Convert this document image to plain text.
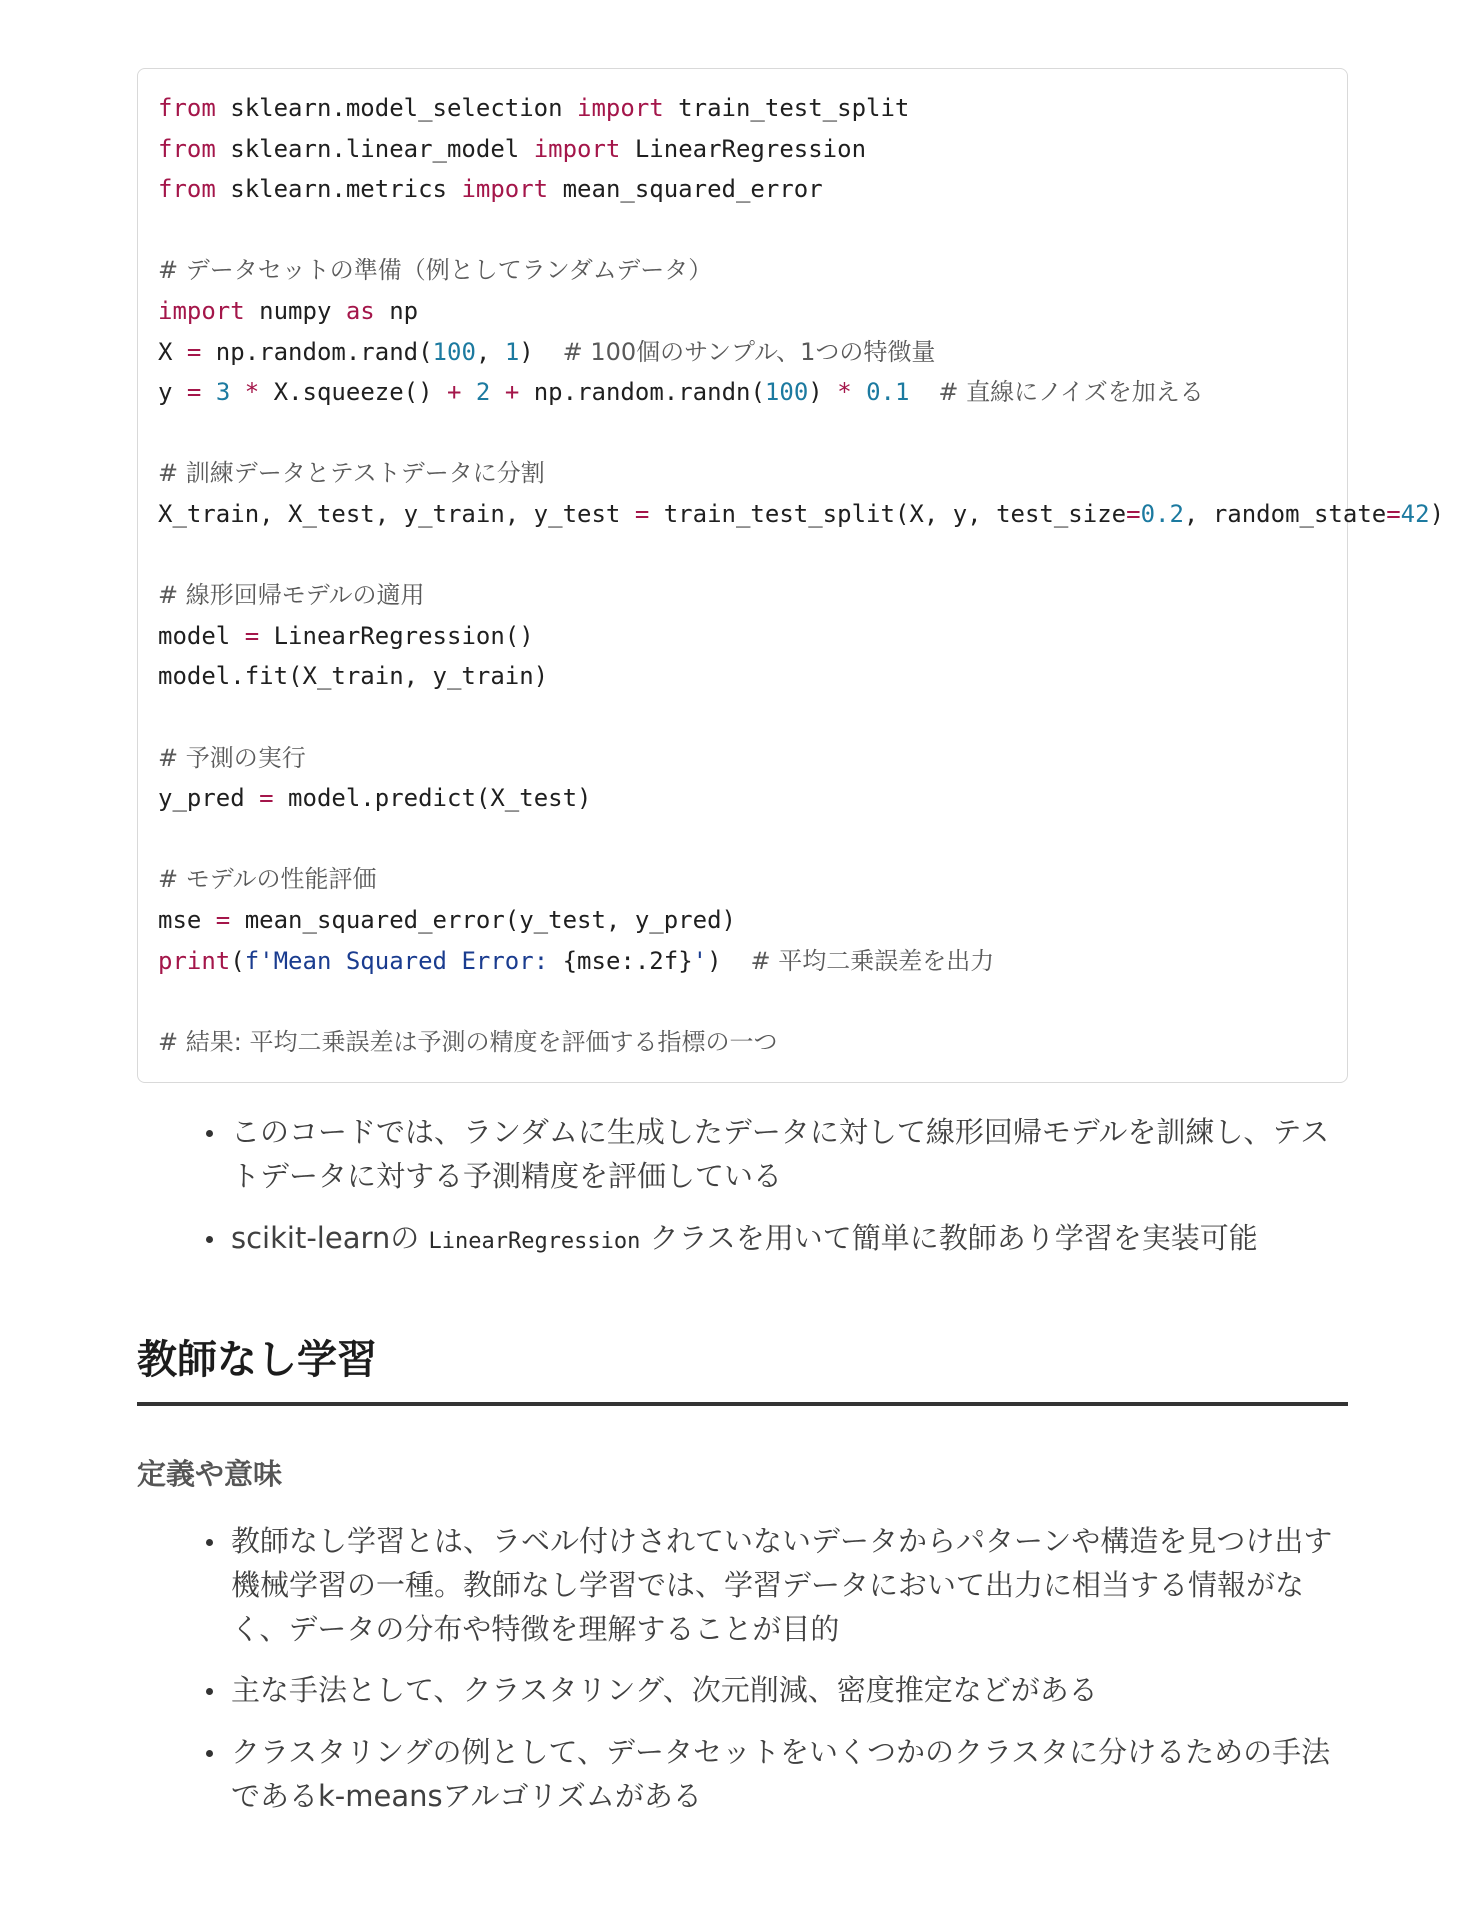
from sklearn.model_selection import train_test_split
from sklearn.linear_model import LinearRegression
from sklearn.metrics import mean_squared_error
# データセットの準備（例としてランダムデータ）
import numpy as np
X = np.random.rand(100, 1)  # 100個のサンプル、1つの特徴量
y = 3 * X.squeeze() + 2 + np.random.randn(100) * 0.1 # 直線にノイズを加える
# 訓練データとテストデータに分割
X_train, X_test, y_train, y_test = train_test_split(X, y, test_size=0.2, random_state=42)
# 線形回帰モデルの適用
model = LinearRegression()
model.fit(X_train, y_train)
# 予測の実行
y_pred = model.predict(X_test)
# モデルの性能評価
mse = mean_squared_error(y_test, y_pred)
print(f'Mean Squared Error: {mse:.2f}')  # 平均二乗誤差を出力
# 結果: 平均二乗誤差は予測の精度を評価する指標の一つ
このコードでは、ランダムに生成したデータに対して線形回帰モデルを訓練し、テストデータに対する予測精度を評価している
scikit-learnの LinearRegression クラスを用いて簡単に教師あり学習を実装可能
教師なし学習
定義や意味
教師なし学習とは、ラベル付けされていないデータからパターンや構造を見つけ出す機械学習の一種。教師なし学習では、学習データにおいて出力に相当する情報がなく、データの分布や特徴を理解することが目的
主な手法として、クラスタリング、次元削減、密度推定などがある
クラスタリングの例として、データセットをいくつかのクラスタに分けるための手法であるk-meansアルゴリズムがある
